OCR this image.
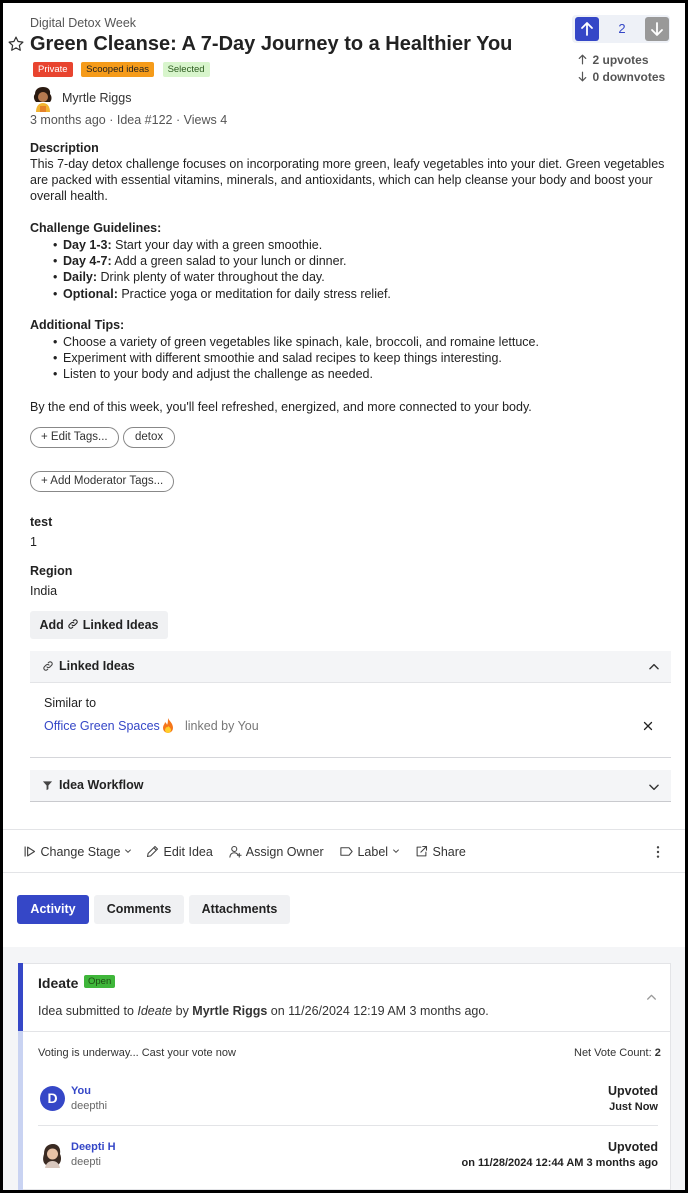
Digital Detox Week
Green Cleanse: A 7-Day Journey to a Healthier You Private Scooped ideas Selected
2
2 upvotes
0 downvotes
Myrtle Riggs
3 months ago · Idea #122 · Views 4
Description
This 7-day detox challenge focuses on incorporating more green, leafy vegetables into your diet. Green vegetables are packed with essential vitamins, minerals, and antioxidants, which can help cleanse your body and boost your overall health.
Challenge Guidelines:
• Day 1-3: Start your day with a green smoothie.
• Day 4-7: Add a green salad to your lunch or dinner.
• Daily: Drink plenty of water throughout the day.
• Optional: Practice yoga or meditation for daily stress relief.
Additional Tips:
• Choose a variety of green vegetables like spinach, kale, broccoli, and romaine lettuce.
• Experiment with different smoothie and salad recipes to keep things interesting.
• Listen to your body and adjust the challenge as needed.
By the end of this week, you'll feel refreshed, energized, and more connected to your body.
+ Edit Tags...	detox
+ Add Moderator Tags...
test
1
Region
India
Add Linked Ideas
Linked Ideas
Similar to
Office Green Spaces linked by You
Idea Workflow
Change Stage	Edit Idea	Assign Owner	Label	Share
Activity	Comments	Attachments
Ideate	Open
Idea submitted to Ideate by Myrtle Riggs on 11/26/2024 12:19 AM 3 months ago.
Voting is underway... Cast your vote now	Net Vote Count: 2
D	You
deepthi
Upvoted
Just Now
Deepti H
deepti
Upvoted
on 11/28/2024 12:44 AM 3 months ago
